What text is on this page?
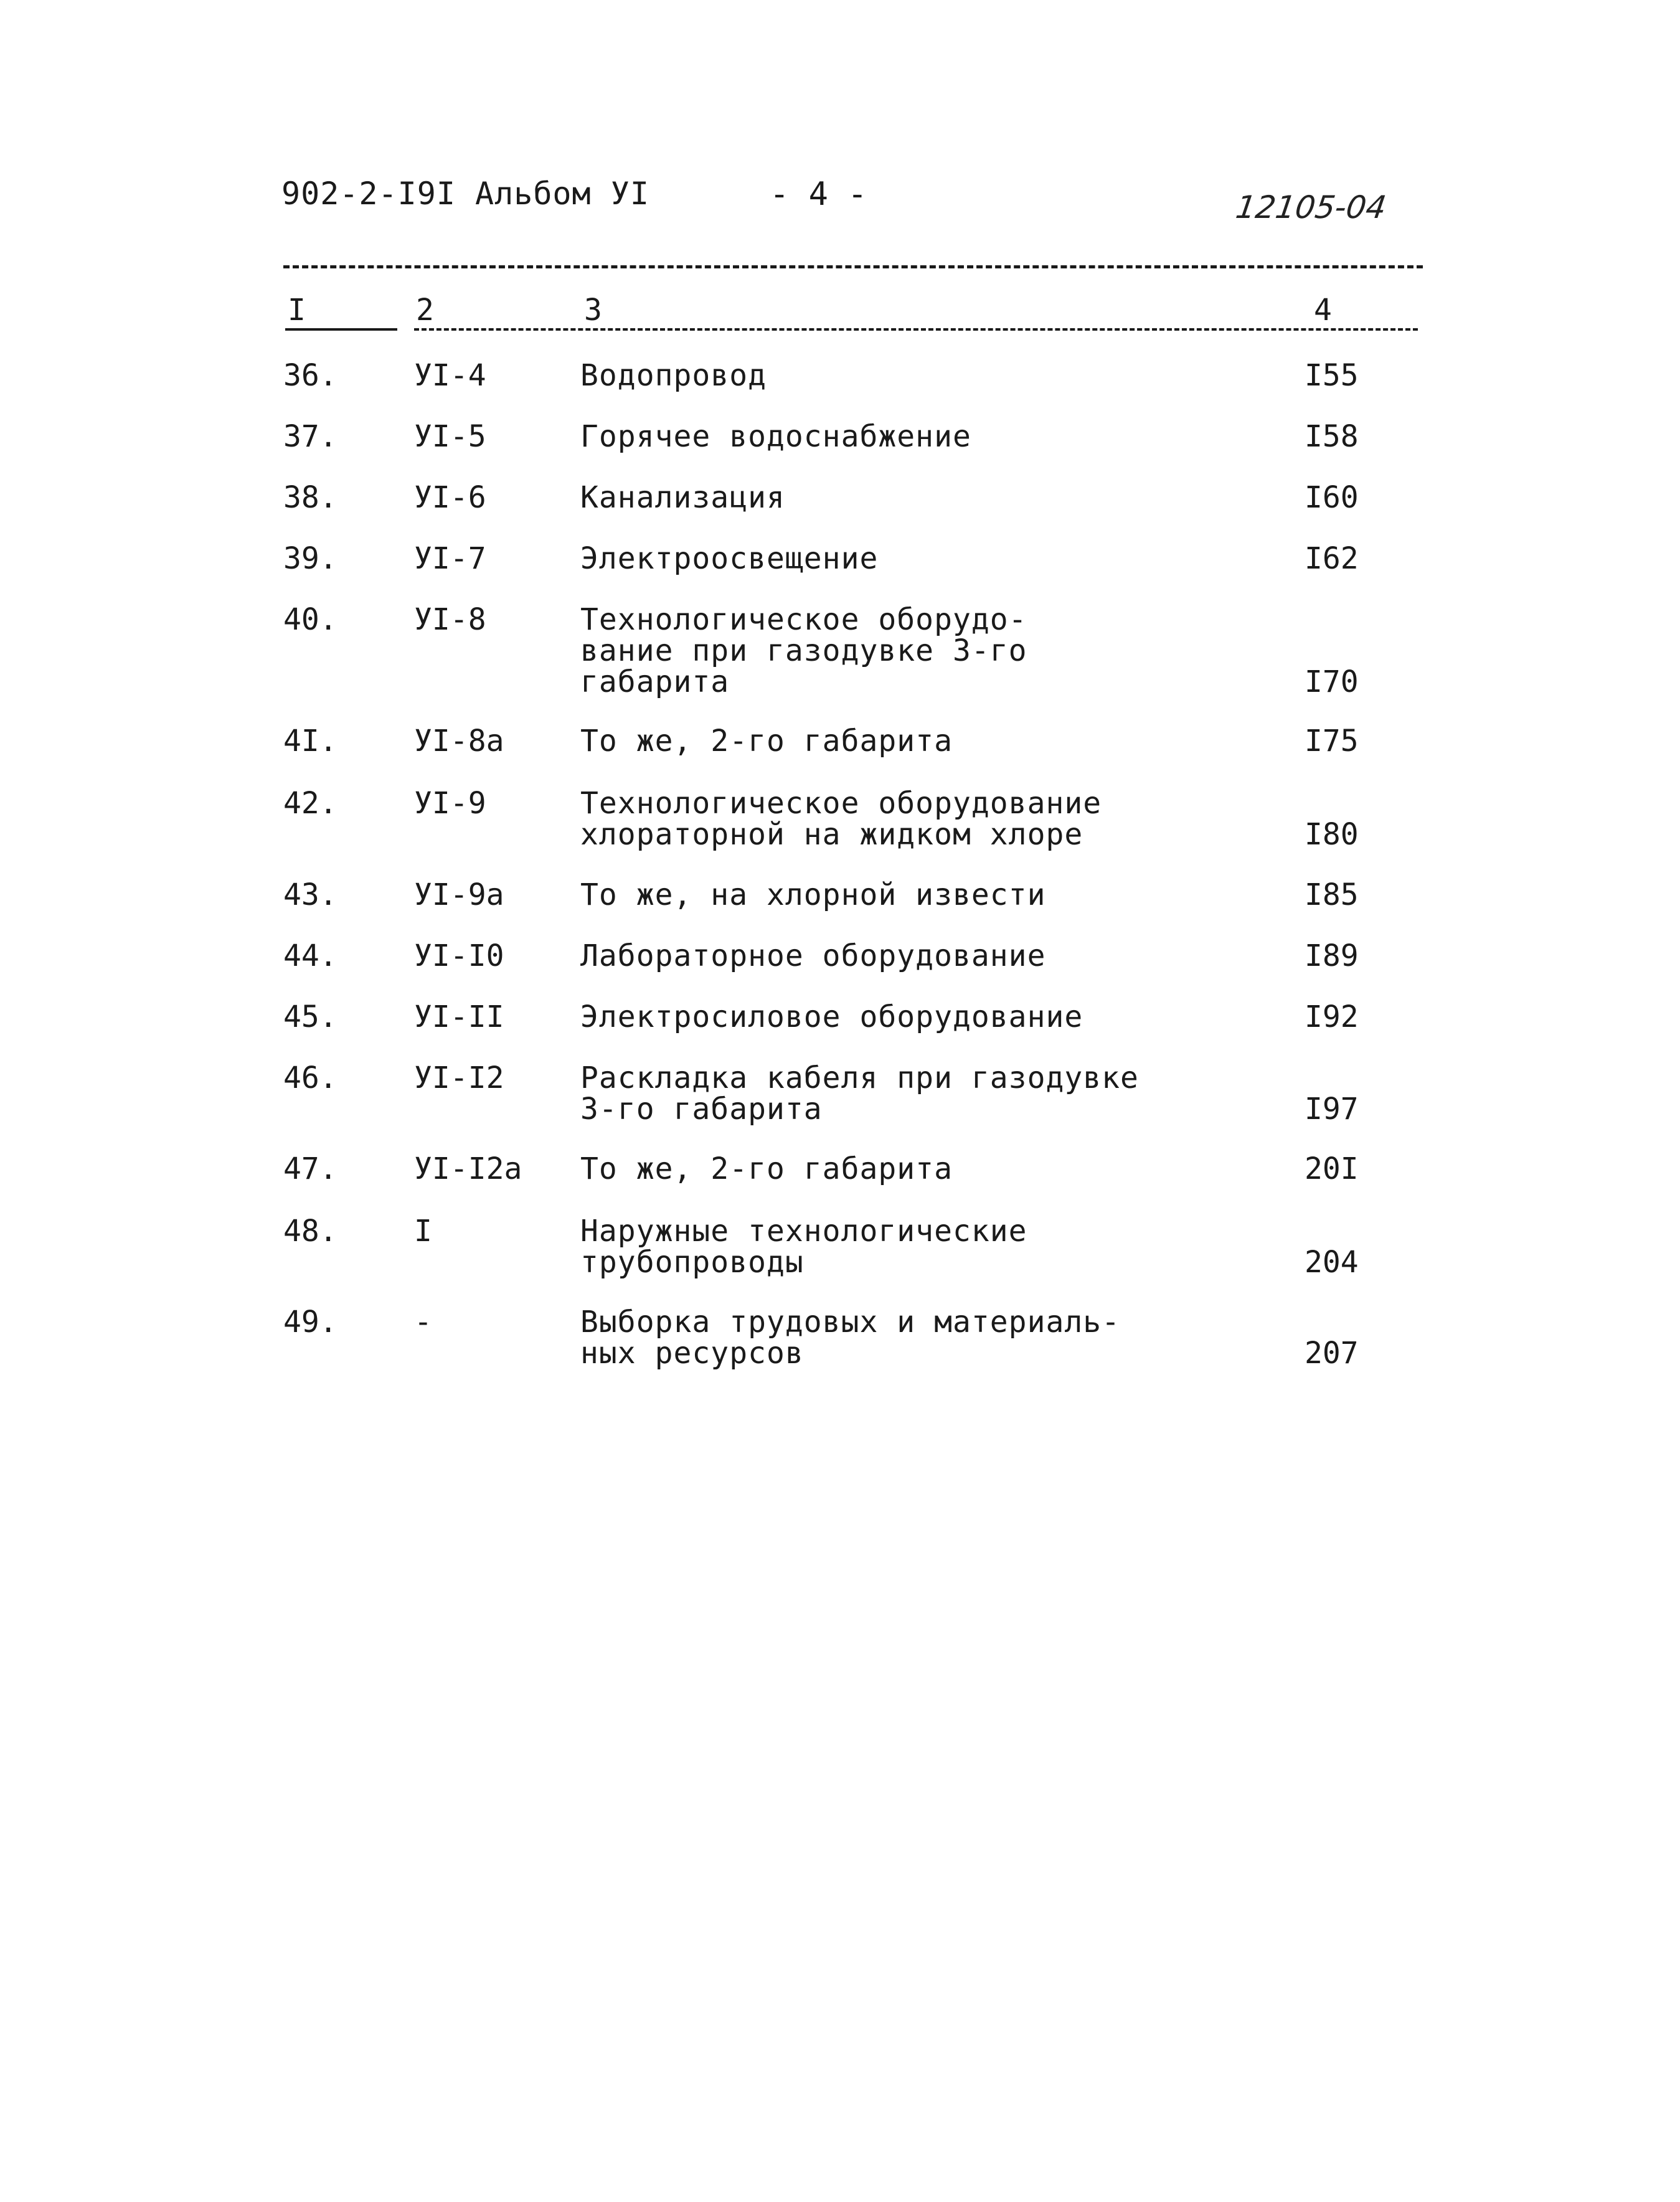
902-2-I9I Альбом УI	- 4 -	12105-04
I	2	3	4
36.	УI-4	Водопровод	I55
37.	УI-5	Горячее водоснабжение	I58
38.	УI-6	Канализация	I60
39.	УI-7	Электроосвещение	I62
40.	УI-8	Технологическое оборудо-
вание при газодувке 3-го
габарита	I70
4I.	УI-8а	То же, 2-го габарита	I75
42.	УI-9	Технологическое оборудование
хлораторной на жидком хлоре	I80
43.	УI-9а	То же, на хлорной извести	I85
44.	УI-I0	Лабораторное оборудование	I89
45.	УI-II	Электросиловое оборудование	I92
46.	УI-I2	Раскладка кабеля при газодувке
3-го габарита	I97
47.	УI-I2а То же, 2-го габарита	20I
48.	I	Наружные технологические
трубопроводы	204
49.	-	Выборка трудовых и материаль-
ных ресурсов	207
